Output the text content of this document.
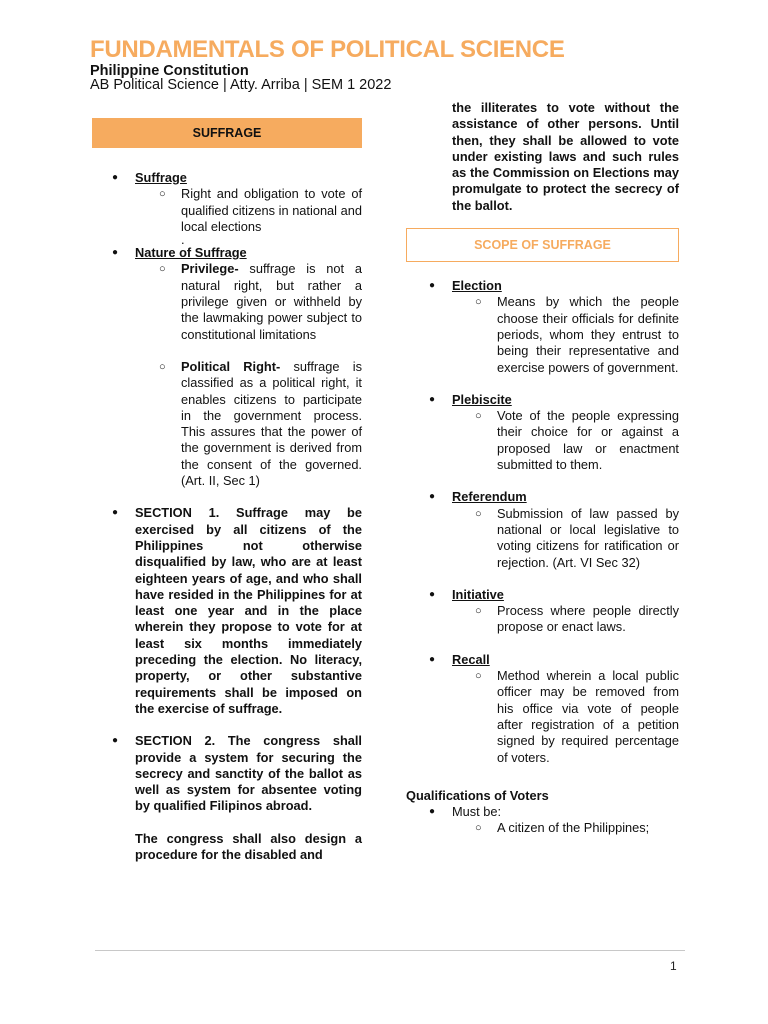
FUNDAMENTALS OF POLITICAL SCIENCE
Philippine Constitution
AB Political Science | Atty. Arriba | SEM 1 2022
SUFFRAGE
● Suffrage
○ Right and obligation to vote of qualified citizens in national and local elections
.
● Nature of Suffrage
○ Privilege- suffrage is not a natural right, but rather a privilege given or withheld by the lawmaking power subject to constitutional limitations
○ Political Right- suffrage is classified as a political right, it enables citizens to participate in the government process. This assures that the power of the government is derived from the consent of the governed.(Art. II, Sec 1)
● SECTION 1. Suffrage may be exercised by all citizens of the Philippines not otherwise disqualified by law, who are at least eighteen years of age, and who shall have resided in the Philippines for at least one year and in the place wherein they propose to vote for at least six months immediately preceding the election. No literacy, property, or other substantive requirements shall be imposed on the exercise of suffrage.
● SECTION 2. The congress shall provide a system for securing the secrecy and sanctity of the ballot as well as system for absentee voting by qualified Filipinos abroad.
The congress shall also design a procedure for the disabled and
the illiterates to vote without the assistance of other persons. Until then, they shall be allowed to vote under existing laws and such rules as the Commission on Elections may promulgate to protect the secrecy of the ballot.
SCOPE OF SUFFRAGE
● Election
○ Means by which the people choose their officials for definite periods, whom they entrust to being their representative and exercise powers of government.
● Plebiscite
○ Vote of the people expressing their choice for or against a proposed law or enactment submitted to them.
● Referendum
○ Submission of law passed by national or local legislative to voting citizens for ratification or rejection. (Art. VI Sec 32)
● Initiative
○ Process where people directly propose or enact laws.
● Recall
○ Method wherein a local public officer may be removed from his office via vote of people after registration of a petition signed by required percentage of voters.
Qualifications of Voters
● Must be:
○ A citizen of the Philippines;
1
